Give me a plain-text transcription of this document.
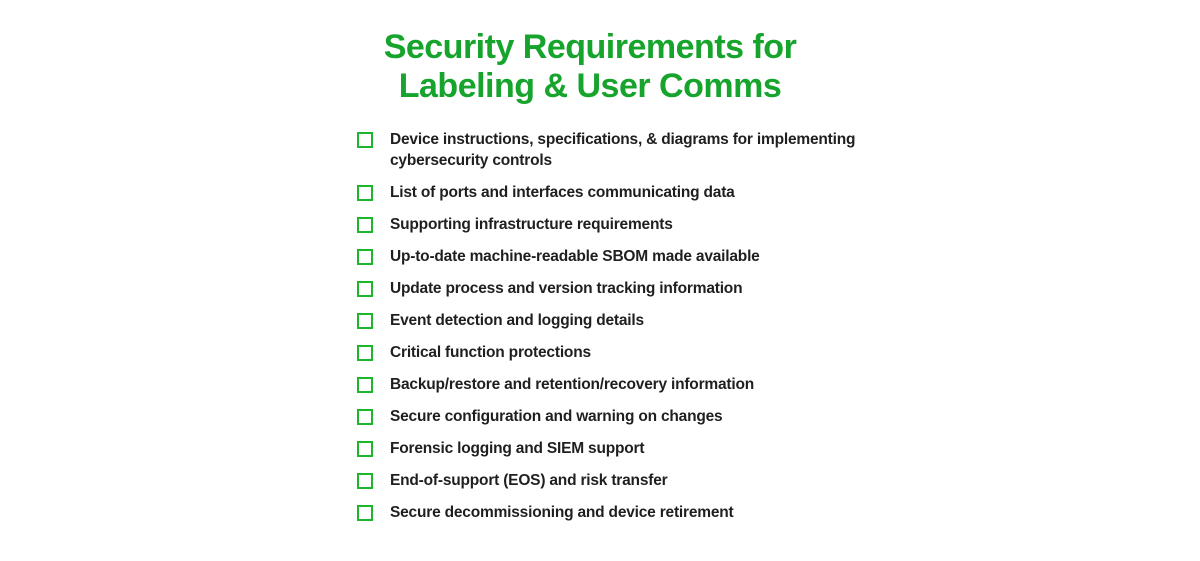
Security Requirements for
Labeling & User Comms
Device instructions, specifications, & diagrams for implementing cybersecurity controls
List of ports and interfaces communicating data
Supporting infrastructure requirements
Up-to-date machine-readable SBOM made available
Update process and version tracking information
Event detection and logging details
Critical function protections
Backup/restore and retention/recovery information
Secure configuration and warning on changes
Forensic logging and SIEM support
End-of-support (EOS) and risk transfer
Secure decommissioning and device retirement
